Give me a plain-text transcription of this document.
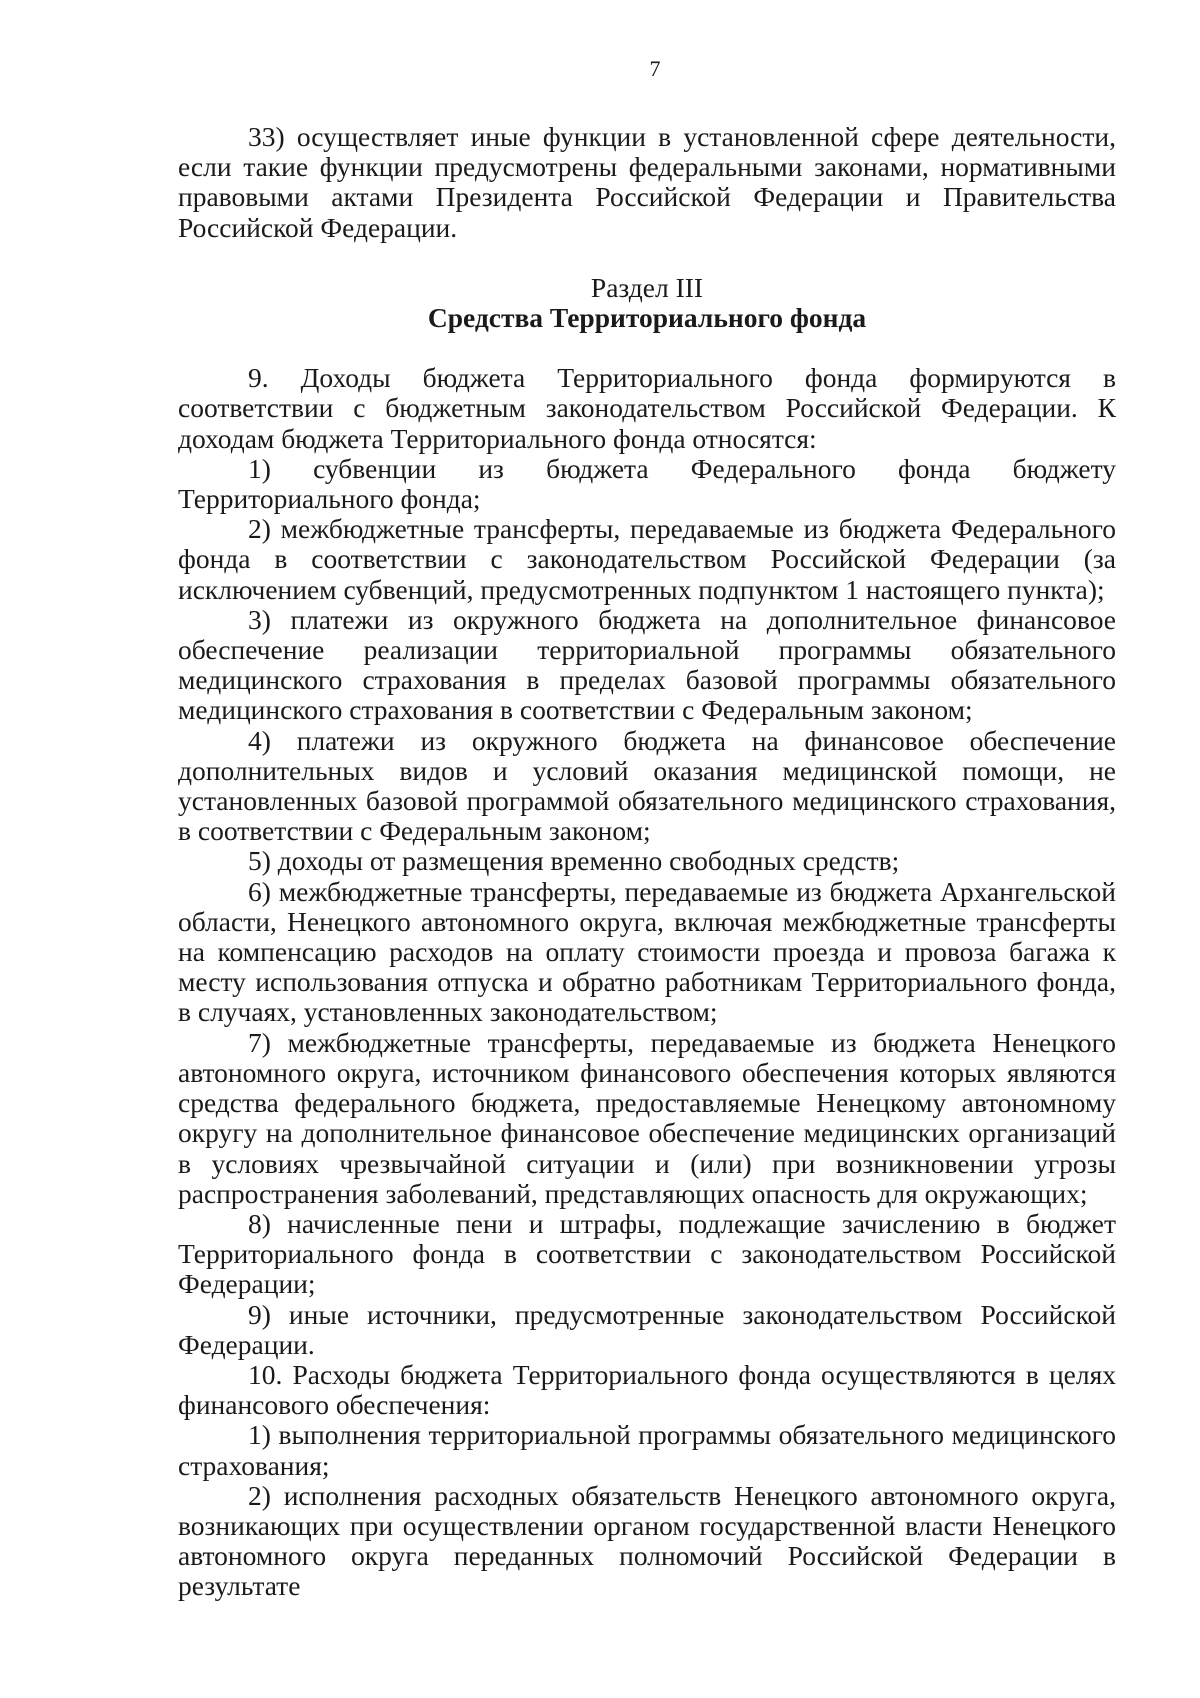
7

33) осуществляет иные функции в установленной сфере деятельности, если такие функции предусмотрены федеральными законами, нормативными правовыми актами Президента Российской Федерации и Правительства Российской Федерации.

Раздел III
Средства Территориального фонда

9. Доходы бюджета Территориального фонда формируются в соответствии с бюджетным законодательством Российской Федерации. К доходам бюджета Территориального фонда относятся:

1) субвенции из бюджета Федерального фонда бюджету Территориального фонда;

2) межбюджетные трансферты, передаваемые из бюджета Федерального фонда в соответствии с законодательством Российской Федерации (за исключением субвенций, предусмотренных подпунктом 1 настоящего пункта);

3) платежи из окружного бюджета на дополнительное финансовое обеспечение реализации территориальной программы обязательного медицинского страхования в пределах базовой программы обязательного медицинского страхования в соответствии с Федеральным законом;

4) платежи из окружного бюджета на финансовое обеспечение дополнительных видов и условий оказания медицинской помощи, не установленных базовой программой обязательного медицинского страхования, в соответствии с Федеральным законом;

5) доходы от размещения временно свободных средств;

6) межбюджетные трансферты, передаваемые из бюджета Архангельской области, Ненецкого автономного округа, включая межбюджетные трансферты на компенсацию расходов на оплату стоимости проезда и провоза багажа к месту использования отпуска и обратно работникам Территориального фонда, в случаях, установленных законодательством;

7) межбюджетные трансферты, передаваемые из бюджета Ненецкого автономного округа, источником финансового обеспечения которых являются средства федерального бюджета, предоставляемые Ненецкому автономному округу на дополнительное финансовое обеспечение медицинских организаций в условиях чрезвычайной ситуации и (или) при возникновении угрозы распространения заболеваний, представляющих опасность для окружающих;

8) начисленные пени и штрафы, подлежащие зачислению в бюджет Территориального фонда в соответствии с законодательством Российской Федерации;

9) иные источники, предусмотренные законодательством Российской Федерации.

10. Расходы бюджета Территориального фонда осуществляются в целях финансового обеспечения:

1) выполнения территориальной программы обязательного медицинского страхования;

2) исполнения расходных обязательств Ненецкого автономного округа, возникающих при осуществлении органом государственной власти Ненецкого автономного округа переданных полномочий Российской Федерации в результате
